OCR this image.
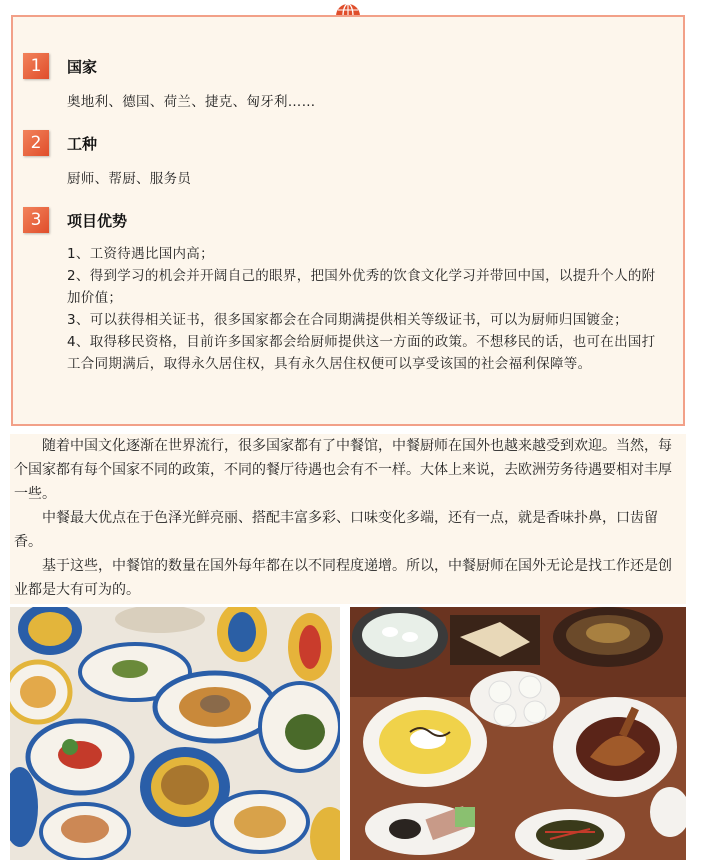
1	国家

奥地利、德国、荷兰、捷克、匈牙利……

2	工种

厨师、帮厨、服务员

3	项目优势

1、工资待遇比国内高；

2、得到学习的机会并开阔自己的眼界，把国外优秀的饮食文化学习并带回中国，以提升个人的附加价值；

3、可以获得相关证书，很多国家都会在合同期满提供相关等级证书，可以为厨师归国镀金；

4、取得移民资格，目前许多国家都会给厨师提供这一方面的政策。不想移民的话，也可在出国打工合同期满后，取得永久居住权，具有永久居住权便可以享受该国的社会福利保障等。

随着中国文化逐渐在世界流行，很多国家都有了中餐馆，中餐厨师在国外也越来越受到欢迎。当然，每个国家都有每个国家不同的政策，不同的餐厅待遇也会有不一样。大体上来说，去欧洲劳务待遇要相对丰厚一些。

中餐最大优点在于色泽光鲜亮丽、搭配丰富多彩、口味变化多端，还有一点，就是香味扑鼻，口齿留香。

基于这些，中餐馆的数量在国外每年都在以不同程度递增。所以，中餐厨师在国外无论是找工作还是创业都是大有可为的。
